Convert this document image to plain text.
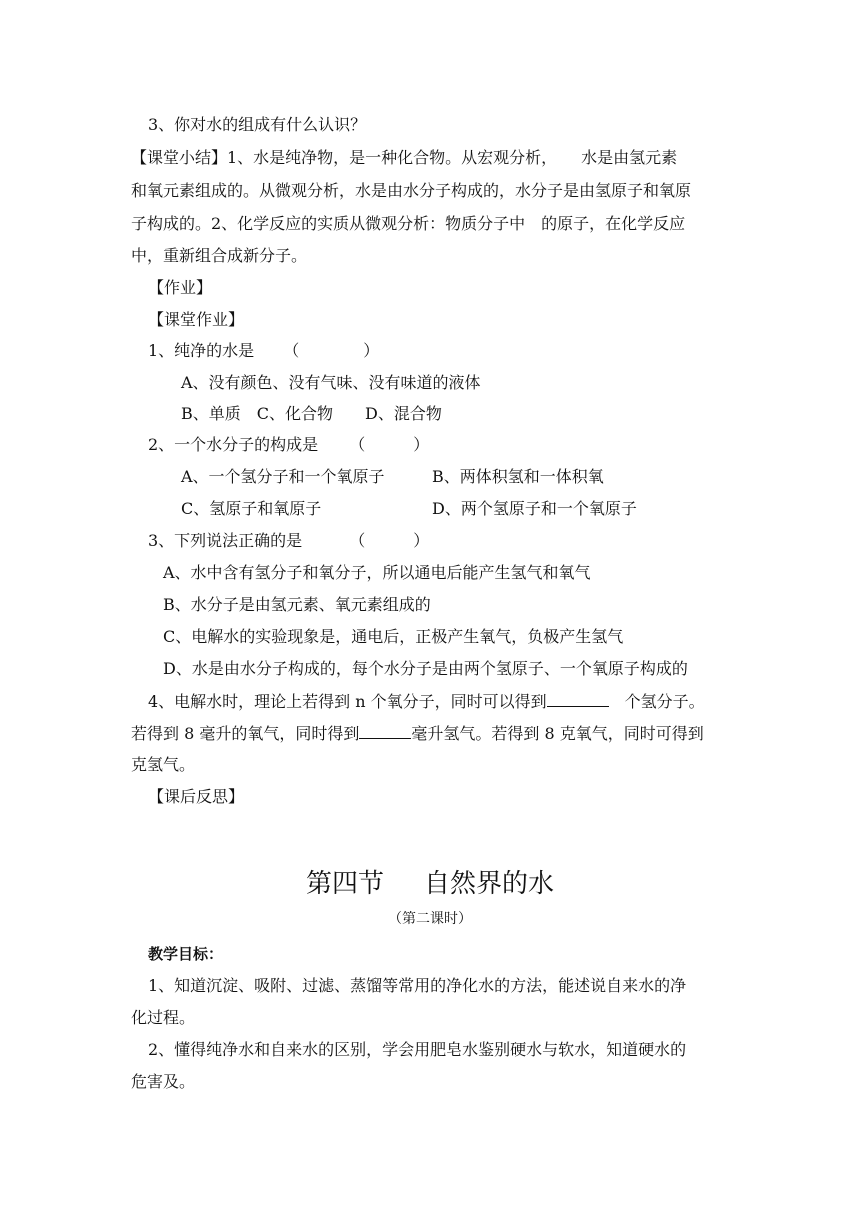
3、你对水的组成有什么认识？
【课堂小结】1、水是纯净物，是一种化合物。从宏观分析，　　水是由氢元素
和氧元素组成的。从微观分析，水是由水分子构成的，水分子是由氢原子和氧原
子构成的。2、化学反应的实质从微观分析：物质分子中　的原子，在化学反应
中，重新组合成新分子。
【作业】
【课堂作业】
1、纯净的水是 （　　　　）
A、没有颜色、没有气味、没有味道的液体
B、单质　C、化合物　　D、混合物
2、一个水分子的构成是 （　　　）
A、一个氢分子和一个氧原子	B、两体积氢和一体积氧
C、氢原子和氧原子	D、两个氢原子和一个氧原子
3、下列说法正确的是	（　　　）
A、水中含有氢分子和氧分子，所以通电后能产生氢气和氧气
B、水分子是由氢元素、氧元素组成的
C、电解水的实验现象是，通电后，正极产生氧气，负极产生氢气
D、水是由水分子构成的，每个水分子是由两个氢原子、一个氧原子构成的
4、电解水时，理论上若得到 n 个氧分子，同时可以得到	个氢分子。
若得到 8 毫升的氧气，同时得到	毫升氢气。若得到 8 克氧气，同时可得到
克氢气。
【课后反思】
第四节 自然界的水
（第二课时）
教学目标：
1、知道沉淀、吸附、过滤、蒸馏等常用的净化水的方法，能述说自来水的净
化过程。
2、懂得纯净水和自来水的区别，学会用肥皂水鉴别硬水与软水，知道硬水的
危害及。
